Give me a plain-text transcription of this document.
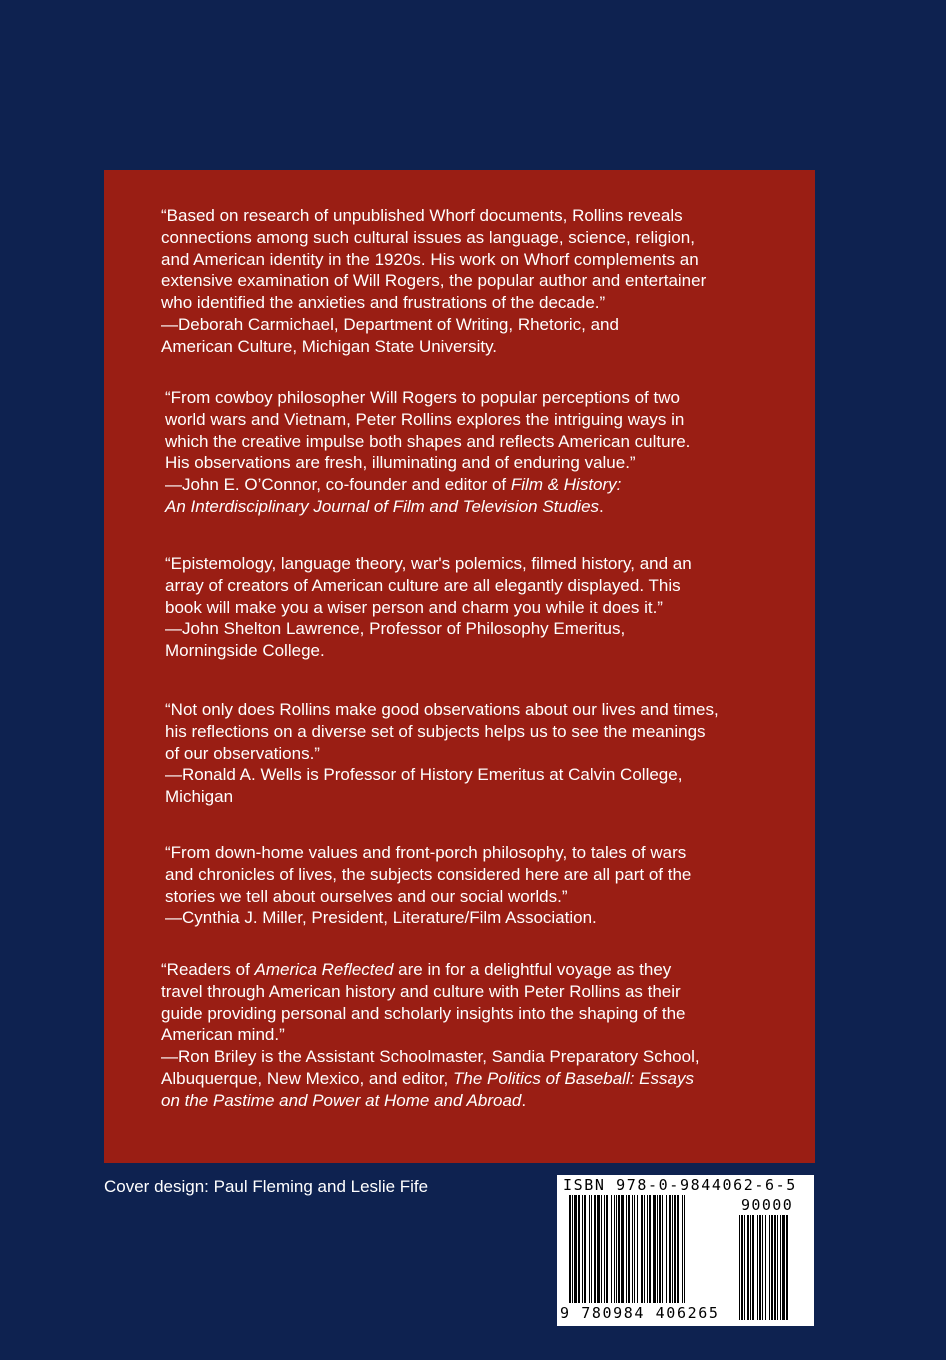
“Based on research of unpublished Whorf documents, Rollins reveals
connections among such cultural issues as language, science, religion,
and American identity in the 1920s. His work on Whorf complements an
extensive examination of Will Rogers, the popular author and entertainer
who identified the anxieties and frustrations of the decade.”
—Deborah Carmichael, Department of Writing, Rhetoric, and
American Culture, Michigan State University.
“From cowboy philosopher Will Rogers to popular perceptions of two
world wars and Vietnam, Peter Rollins explores the intriguing ways in
which the creative impulse both shapes and reflects American culture.
His observations are fresh, illuminating and of enduring value.”
—John E. O’Connor, co-founder and editor of Film & History:
An Interdisciplinary Journal of Film and Television Studies.
“Epistemology, language theory, war's polemics, filmed history, and an
array of creators of American culture are all elegantly displayed. This
book will make you a wiser person and charm you while it does it.”
—John Shelton Lawrence, Professor of Philosophy Emeritus,
Morningside College.
“Not only does Rollins make good observations about our lives and times,
his reflections on a diverse set of subjects helps us to see the meanings
of our observations.”
—Ronald A. Wells is Professor of History Emeritus at Calvin College,
Michigan
“From down-home values and front-porch philosophy, to tales of wars
and chronicles of lives, the subjects considered here are all part of the
stories we tell about ourselves and our social worlds.”
—Cynthia J. Miller, President, Literature/Film Association.
“Readers of America Reflected are in for a delightful voyage as they
travel through American history and culture with Peter Rollins as their
guide providing personal and scholarly insights into the shaping of the
American mind.”
—Ron Briley is the Assistant Schoolmaster, Sandia Preparatory School,
Albuquerque, New Mexico, and editor, The Politics of Baseball: Essays
on the Pastime and Power at Home and Abroad.
Cover design: Paul Fleming and Leslie Fife	ISBN 978-0-9844062-6-5
90000
9 780984 406265
